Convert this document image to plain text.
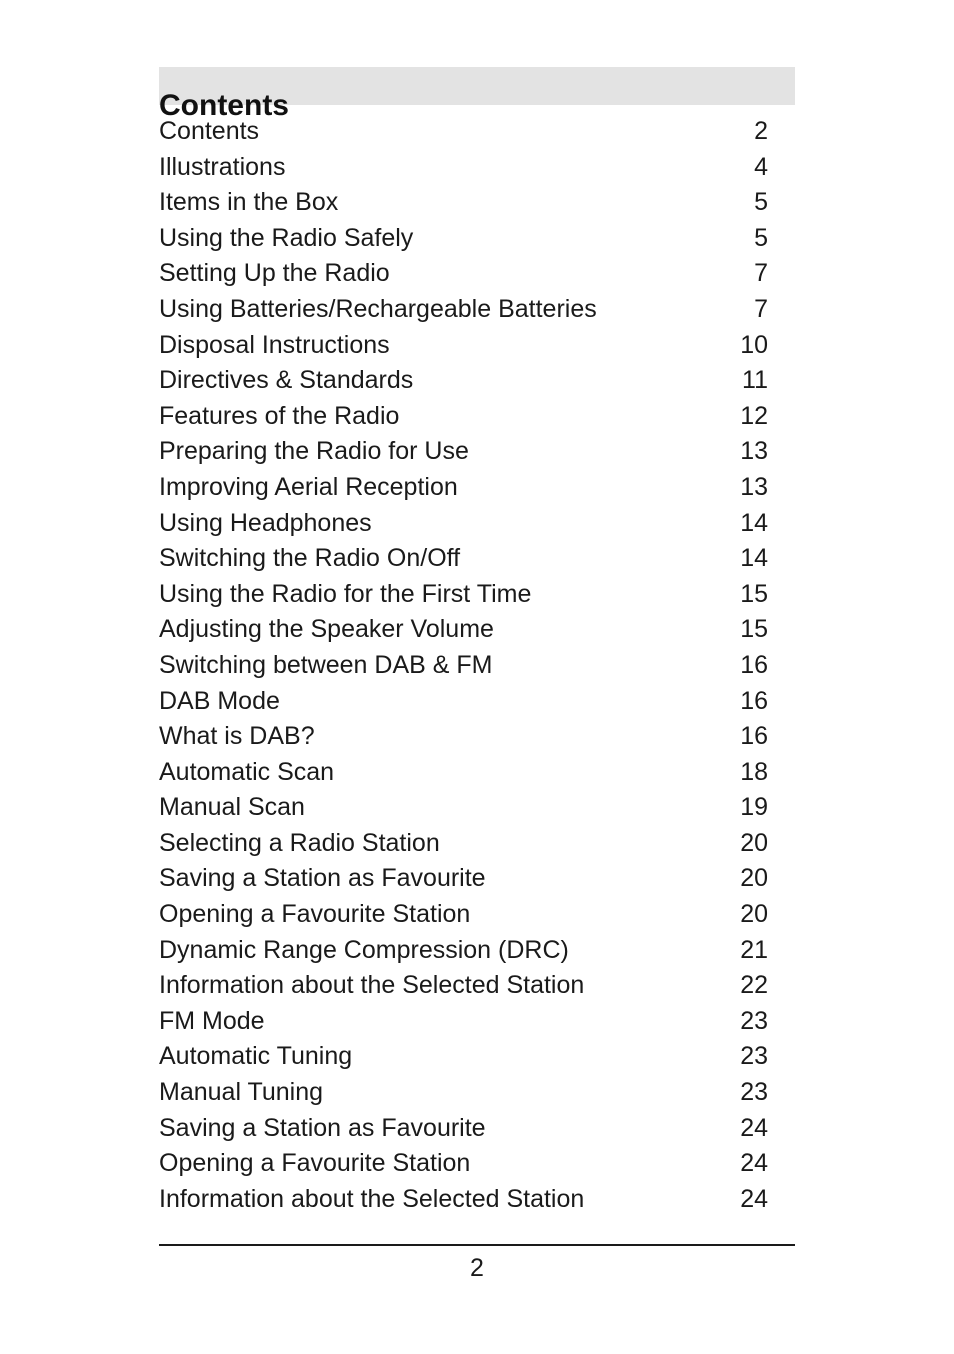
Contents
Contents	2
Illustrations	4
Items in the Box	5
Using the Radio Safely	5
Setting Up the Radio	7
Using Batteries/Rechargeable Batteries	7
Disposal Instructions	10
Directives & Standards	11
Features of the Radio	12
Preparing the Radio for Use	13
Improving Aerial Reception	13
Using Headphones	14
Switching the Radio On/Off	14
Using the Radio for the First Time	15
Adjusting the Speaker Volume	15
Switching between DAB & FM	16
DAB Mode	16
What is DAB?	16
Automatic Scan	18
Manual Scan	19
Selecting a Radio Station	20
Saving a Station as Favourite	20
Opening a Favourite Station	20
Dynamic Range Compression (DRC)	21
Information about the Selected Station	22
FM Mode	23
Automatic Tuning	23
Manual Tuning	23
Saving a Station as Favourite	24
Opening a Favourite Station	24
Information about the Selected Station	24
2
